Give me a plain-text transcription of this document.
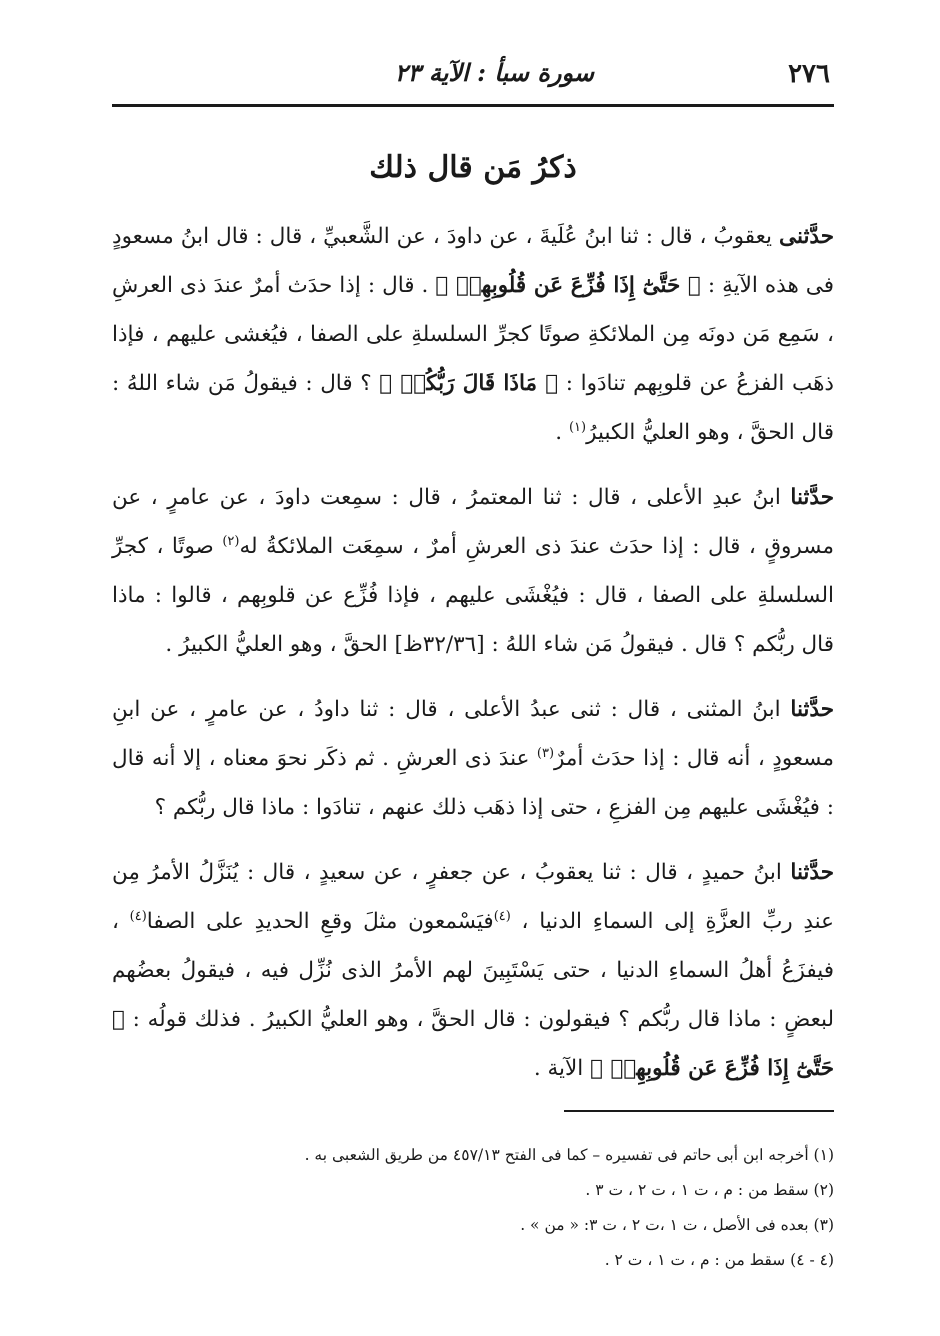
٢٧٦
سورة سبأ : الآية ٢٣
ذكرُ مَن قال ذلك

حدَّثنى يعقوبُ ، قال : ثنا ابنُ عُلَيةَ ، عن داودَ ، عن الشَّعبيِّ ، قال : قال ابنُ مسعودٍ فى هذه الآيةِ : ﴿ حَتَّىٰٓ إِذَا فُزِّعَ عَن قُلُوبِهِمۡ ﴾ . قال : إذا حدَث أمرٌ عندَ ذى العرشِ ، سَمِع مَن دونَه مِن الملائكةِ صوتًا كجرِّ السلسلةِ على الصفا ، فيُغشى عليهم ، فإذا ذهَب الفزعُ عن قلوبِهم تنادَوا : ﴿ مَاذَا قَالَ رَبُّكُمۡ ﴾ ؟ قال : فيقولُ مَن شاء اللهُ : قال الحقَّ ، وهو العليُّ الكبيرُ$^{(١)}$ .

حدَّثنا ابنُ عبدِ الأعلى ، قال : ثنا المعتمرُ ، قال : سمِعت داودَ ، عن عامرٍ ، عن مسروقٍ ، قال : إذا حدَث عندَ ذى العرشِ أمرٌ ، سمِعَت الملائكةُ له$^{(٢)}$ صوتًا ، كجرِّ السلسلةِ على الصفا ، قال : فيُغْشَى عليهم ، فإذا فُزِّع عن قلوبِهم ، قالوا : ماذا قال ربُّكم ؟ قال . فيقولُ مَن شاء اللهُ : [٣٢/٣٦ظ] الحقَّ ، وهو العليُّ الكبيرُ .

حدَّثنا ابنُ المثنى ، قال : ثنى عبدُ الأعلى ، قال : ثنا داودُ ، عن عامرٍ ، عن ابنِ مسعودٍ ، أنه قال : إذا حدَث أمرٌ$^{(٣)}$ عندَ ذى العرشِ . ثم ذكَر نحوَ معناه ، إلا أنه قال : فيُغْشَى عليهم مِن الفزعِ ، حتى إذا ذهَب ذلك عنهم ، تنادَوا : ماذا قال ربُّكم ؟

حدَّثنا ابنُ حميدٍ ، قال : ثنا يعقوبُ ، عن جعفرٍ ، عن سعيدٍ ، قال : يُنَزَّلُ الأمرُ مِن عندِ ربِّ العزَّةِ إلى السماءِ الدنيا ، $^{(٤)}$فيَسْمعون مثلَ وقعِ الحديدِ على الصفا$^{(٤)}$ ، فيفزَعُ أهلُ السماءِ الدنيا ، حتى يَسْتَبِينَ لهم الأمرُ الذى نُزِّل فيه ، فيقولُ بعضُهم لبعضٍ : ماذا قال ربُّكم ؟ فيقولون : قال الحقَّ ، وهو العليُّ الكبيرُ . فذلك قولُه : ﴿ حَتَّىٰٓ إِذَا فُزِّعَ عَن قُلُوبِهِمۡ ﴾ الآية .

(١) أخرجه ابن أبى حاتم فى تفسيره – كما فى الفتح ٤٥٧/١٣ من طريق الشعبى به .

(٢) سقط من : م ، ت ١ ، ت ٢ ، ت ٣ .

(٣) بعده فى الأصل ، ت ١ ،ت ٢ ، ت ٣: « من » .

(٤ - ٤) سقط من : م ، ت ١ ، ت ٢ .
